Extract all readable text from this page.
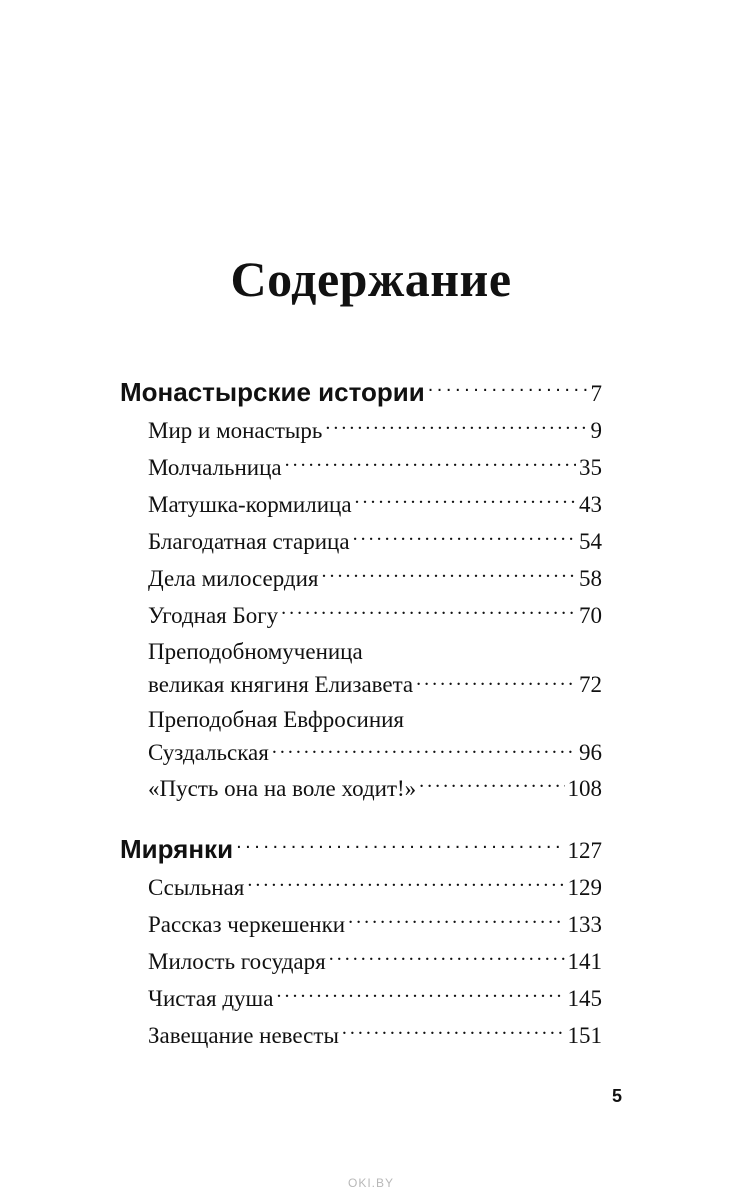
Содержание
Монастырские истории . . .	7
Мир и монастырь . . .	9
Молчальница . . .	35
Матушка-кормилица . . .	43
Благодатная старица . . .	54
Дела милосердия . . .	58
Угодная Богу . . .	70
Преподобномученица
великая княгиня Елизавета . . .	72
Преподобная Евфросиния
Суздальская . . .	96
«Пусть она на воле ходит!» . . .	108
Мирянки . . .	127
Ссыльная . . .	129
Рассказ черкешенки . . .	133
Милость государя . . .	141
Чистая душа . . .	145
Завещание невесты . . .	151
5
OKI.BY
